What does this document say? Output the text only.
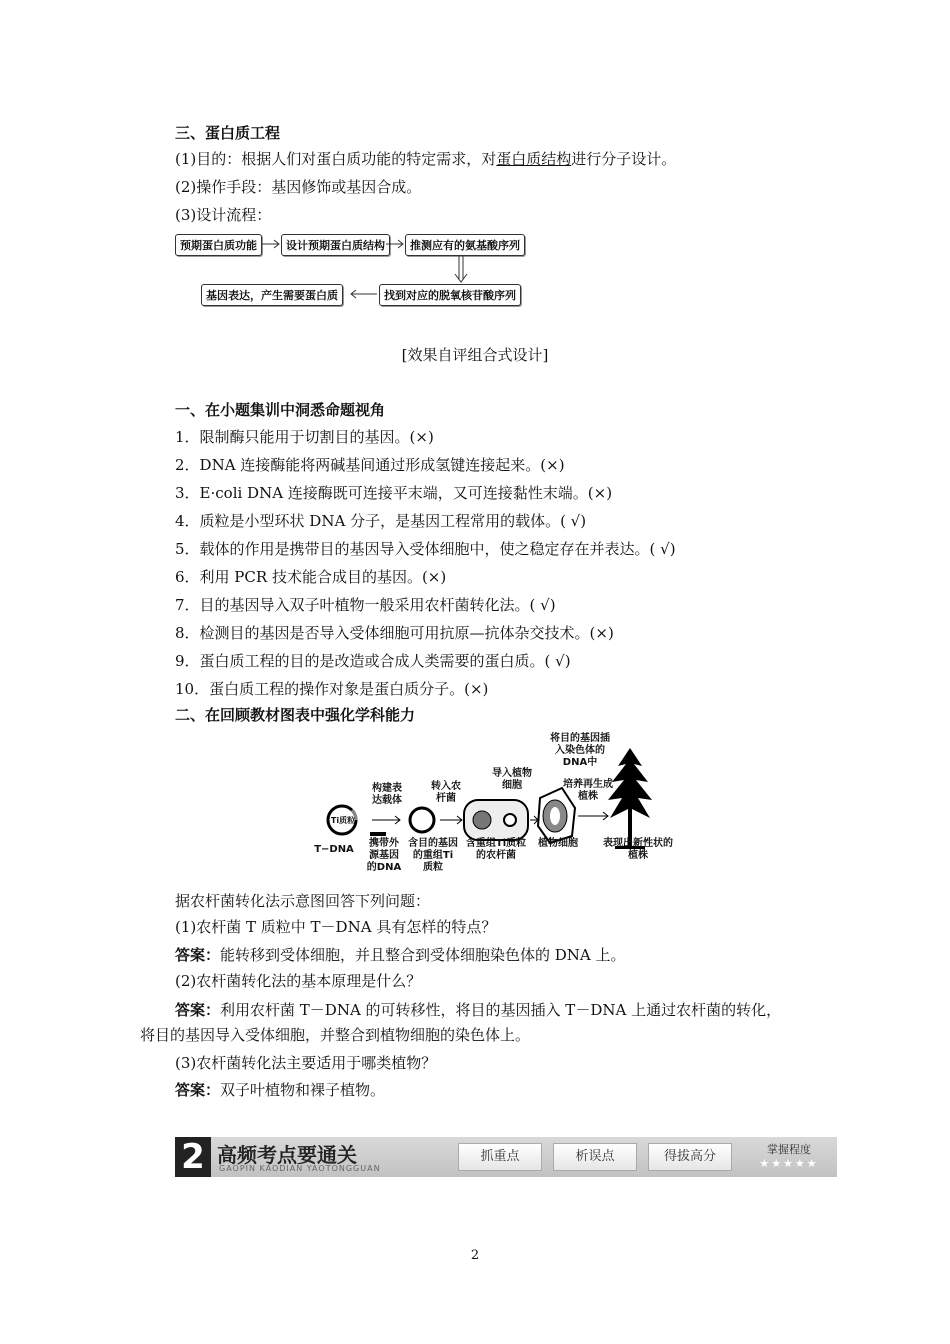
三、蛋白质工程
(1)目的：根据人们对蛋白质功能的特定需求，对蛋白质结构进行分子设计。
(2)操作手段：基因修饰或基因合成。
(3)设计流程：
预期蛋白质功能	设计预期蛋白质结构	推测应有的氨基酸序列
找到对应的脱氧核苷酸序列
基因表达，产生需要蛋白质
[效果自评组合式设计]
一、在小题集训中洞悉命题视角
1．限制酶只能用于切割目的基因。(×)
2．DNA 连接酶能将两碱基间通过形成氢键连接起来。(×)
3．E·coli DNA 连接酶既可连接平末端，又可连接黏性末端。(×)
4．质粒是小型环状 DNA 分子，是基因工程常用的载体。( √)
5．载体的作用是携带目的基因导入受体细胞中，使之稳定存在并表达。( √)
6．利用 PCR 技术能合成目的基因。(×)
7．目的基因导入双子叶植物一般采用农杆菌转化法。( √)
8．检测目的基因是否导入受体细胞可用抗原—抗体杂交技术。(×)
9．蛋白质工程的目的是改造或合成人类需要的蛋白质。( √)
10．蛋白质工程的操作对象是蛋白质分子。(×)
二、在回顾教材图表中强化学科能力
Ti质粒
T−DNA
构建表达载体
携带外源基因的DNA
含目的基因的重组Ti质粒
转入农杆菌
含重组Ti质粒的农杆菌
导入植物细胞
植物细胞
将目的基因插入染色体的DNA中
培养再生成植株
表现出新性状的植株
据农杆菌转化法示意图回答下列问题：
(1)农杆菌 T 质粒中 T－DNA 具有怎样的特点？
答案：能转移到受体细胞，并且整合到受体细胞染色体的 DNA 上。
(2)农杆菌转化法的基本原理是什么？
答案：利用农杆菌 T－DNA 的可转移性，将目的基因插入 T－DNA 上通过农杆菌的转化，
将目的基因导入受体细胞，并整合到植物细胞的染色体上。
(3)农杆菌转化法主要适用于哪类植物？
答案：双子叶植物和裸子植物。
2 高频考点要通关
GAOPIN KAODIAN YAOTONGGUAN
抓重点	析误点	得拔高分	掌握程度
★★★★★
2
